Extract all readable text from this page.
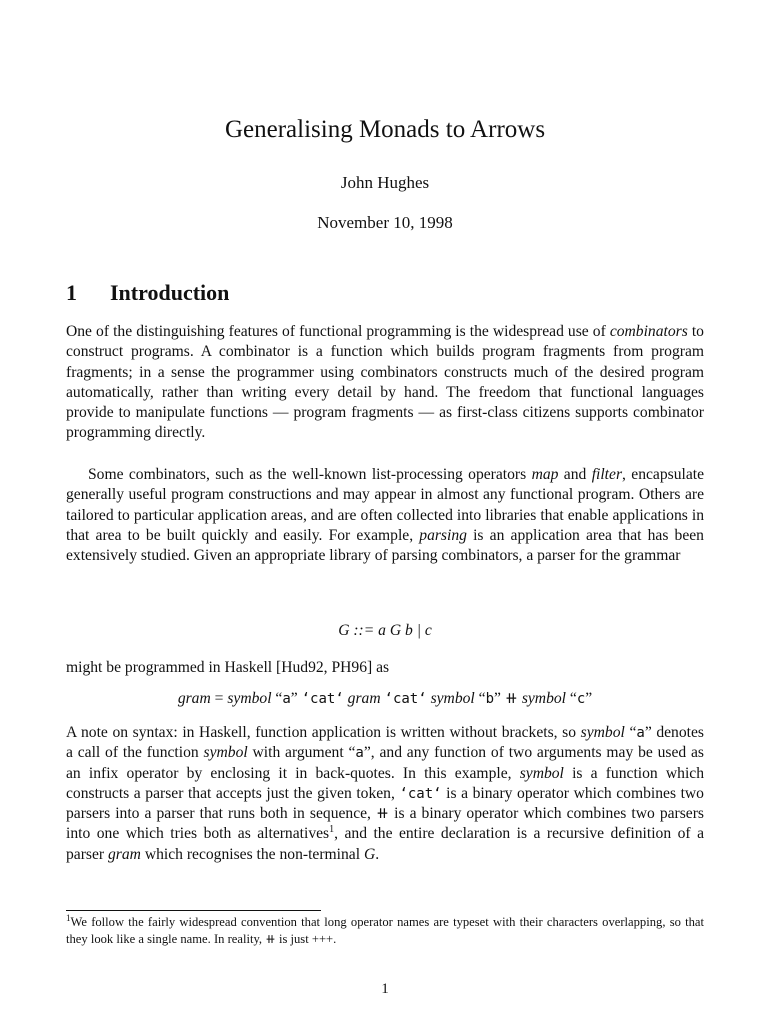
Generalising Monads to Arrows
John Hughes
November 10, 1998
1 Introduction

One of the distinguishing features of functional programming is the widespread use of combinators to construct programs. A combinator is a function which builds program fragments from program fragments; in a sense the programmer using combinators constructs much of the desired program automatically, rather than writing every detail by hand. The freedom that functional languages provide to manipulate functions — program fragments — as first-class citizens supports combinator programming directly.

Some combinators, such as the well-known list-processing operators map and filter, encapsulate generally useful program constructions and may appear in almost any functional program. Others are tailored to particular application areas, and are often collected into libraries that enable applications in that area to be built quickly and easily. For example, parsing is an application area that has been extensively studied. Given an appropriate library of parsing combinators, a parser for the grammar

G ::= a G b | c

might be programmed in Haskell [Hud92, PH96] as

gram = symbol “a” ‘cat‘ gram ‘cat‘ symbol “b” ⧺ symbol “c”

A note on syntax: in Haskell, function application is written without brackets, so symbol “a” denotes a call of the function symbol with argument “a”, and any function of two arguments may be used as an infix operator by enclosing it in back-quotes. In this example, symbol is a function which constructs a parser that accepts just the given token, ‘cat‘ is a binary operator which combines two parsers into a parser that runs both in sequence, ⧺ is a binary operator which combines two parsers into one which tries both as alternatives$^1$, and the entire declaration is a recursive definition of a parser gram which recognises the non-terminal G.

$^1$We follow the fairly widespread convention that long operator names are typeset with their characters overlapping, so that they look like a single name. In reality, ⧺ is just +++.

1
